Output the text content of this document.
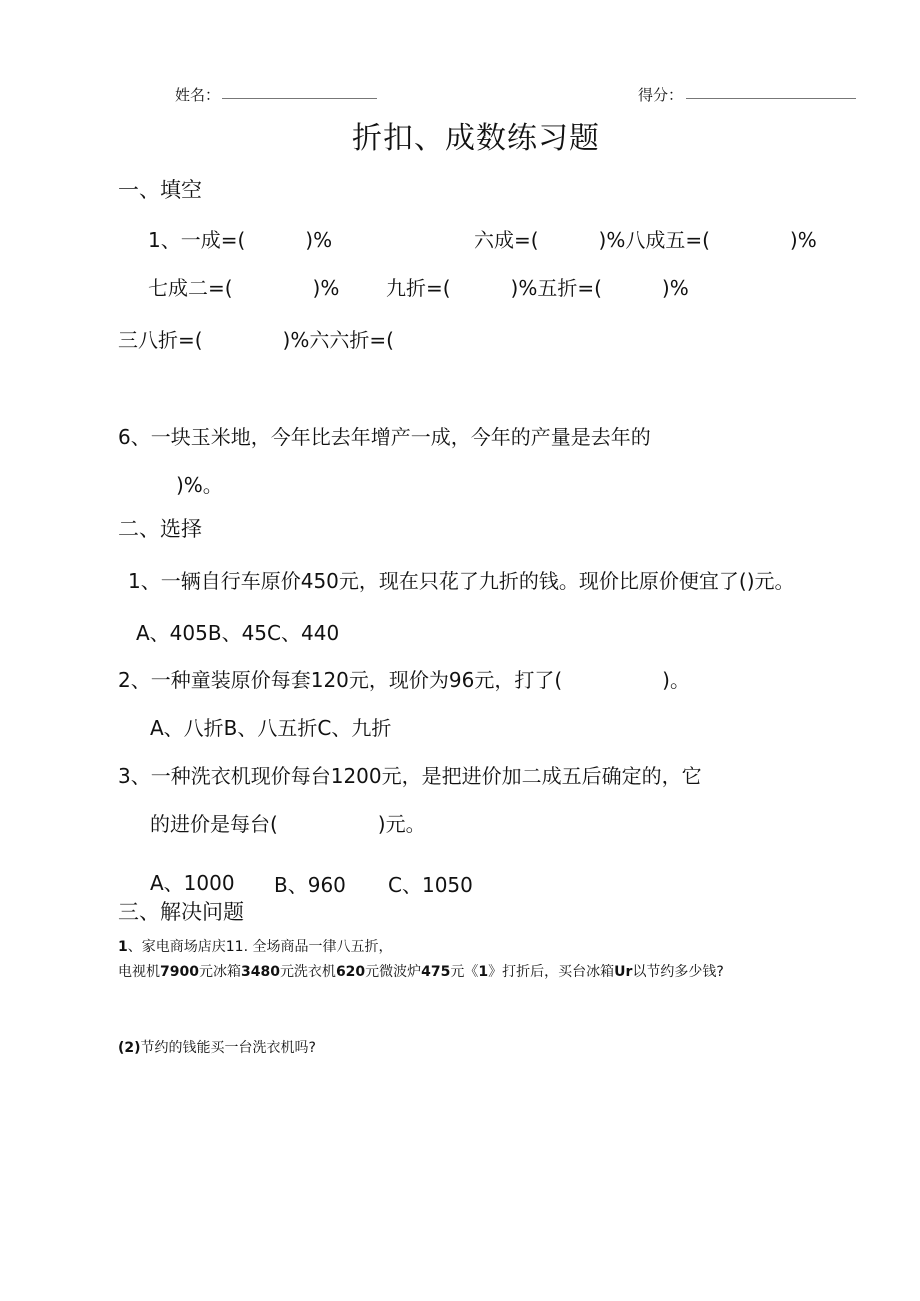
姓名：	得分：
折扣、成数练习题
一、填空
1、一成=(　　　)%	六成=(　　　)%八成五=(　　　　)%
七成二=(　　　　)% 九折=(　　　)%五折=(　　　)%
三八折=(　　　　)%六六折=(
6、一块玉米地，今年比去年增产一成，今年的产量是去年的
)%。
二、选择
1、一辆自行车原价450元，现在只花了九折的钱。现价比原价便宜了()元。
A、405B、45C、440
2、一种童装原价每套120元，现价为96元，打了(　　　　　)。
A、八折B、八五折C、九折
3、一种洗衣机现价每台1200元，是把进价加二成五后确定的，它
的进价是每台(　　　　　)元。
A、1000 B、960 C、1050
三、解决问题
1、家电商场店庆11. 全场商品一律八五折，
电视机7900元冰箱3480元洗衣机620元微波炉475元《1》打折后，买台冰箱Ur以节约多少钱?
(2)节约的钱能买一台洗衣机吗?
